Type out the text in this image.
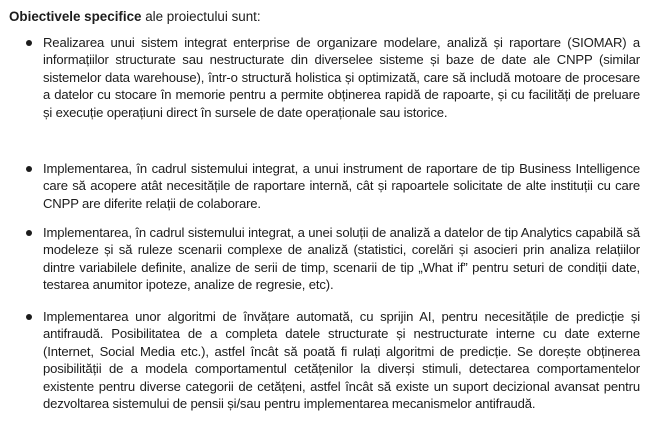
Obiectivele specifice ale proiectului sunt:
Realizarea unui sistem integrat enterprise de organizare modelare, analiză și raportare (SIOMAR) a informațiilor structurate sau nestructurate din diverselee sisteme și baze de date ale CNPP (similar sistemelor data warehouse), într-o structură holistica și optimizată, care să includă motoare de procesare a datelor cu stocare în memorie pentru a permite obținerea rapidă de rapoarte, și cu facilități de preluare și execuție operațiuni direct în sursele de date operaționale sau istorice.
Implementarea, în cadrul sistemului integrat, a unui instrument de raportare de tip Business Intelligence care să acopere atât necesitățile de raportare internă, cât și rapoartele solicitate de alte instituții cu care CNPP are diferite relații de colaborare.
Implementarea, în cadrul sistemului integrat, a unei soluții de analiză a datelor de tip Analytics capabilă să modeleze și să ruleze scenarii complexe de analiză (statistici, corelări și asocieri prin analiza relațiilor dintre variabilele definite, analize de serii de timp, scenarii de tip „What if” pentru seturi de condiții date, testarea anumitor ipoteze, analize de regresie, etc).
Implementarea unor algoritmi de învățare automată, cu sprijin AI, pentru necesitățile de predicție și antifraudă. Posibilitatea de a completa datele structurate și nestructurate interne cu date externe (Internet, Social Media etc.), astfel încât să poată fi rulați algoritmi de predicție. Se dorește obținerea posibilității de a modela comportamentul cetățenilor la diverși stimuli, detectarea comportamentelor existente pentru diverse categorii de cetățeni, astfel încât să existe un suport decizional avansat pentru dezvoltarea sistemului de pensii și/sau pentru implementarea mecanismelor antifraudă.
